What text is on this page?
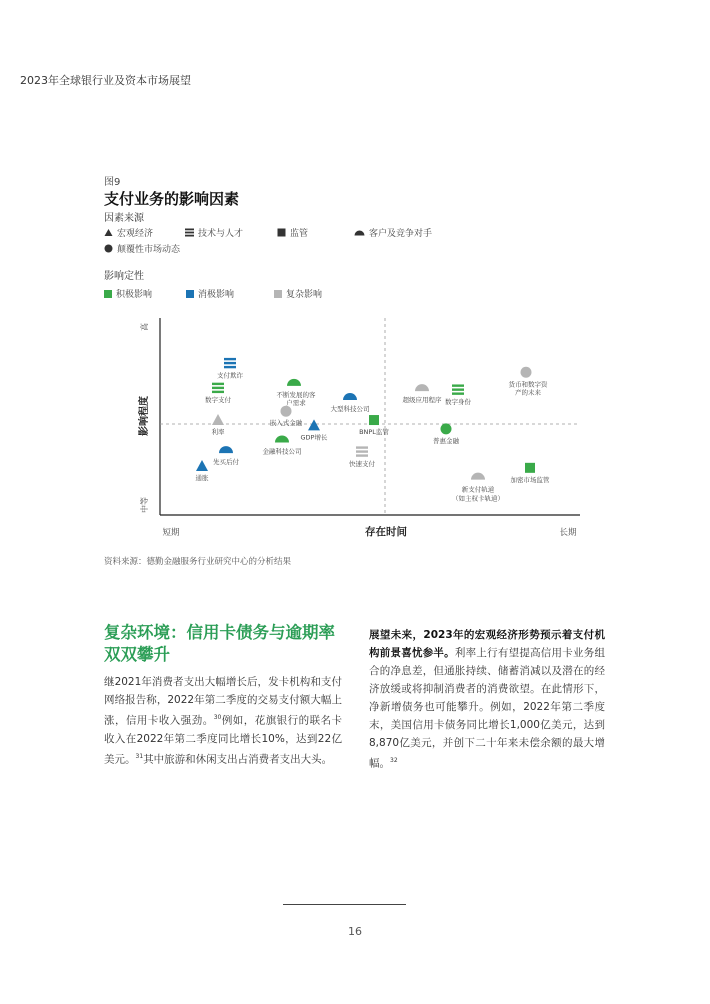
2023年全球银行业及资本市场展望
图9
支付业务的影响因素
因素来源
宏观经济	技术与人才	监管	客户及竞争对手
颠覆性市场动态
影响定性
积极影响	消极影响	复杂影响
存在时间
短期	长期
影响程度
高
中等
支付欺诈
数字支付
利率
先买后付
通胀
不断发展的客
户需求
嵌入式金融
金融科技公司
GDP增长
大型科技公司
BNPL监管
快速支付
超级应用程序 数字身份
普惠金融
货币和数字资
产的未来
新支付轨道
（如主权卡轨道）
加密市场监管
资料来源：德勤金融服务行业研究中心的分析结果
复杂环境：信用卡债务与逾期率双双攀升
继2021年消费者支出大幅增长后，发卡机构和支付网络报告称，2022年第二季度的交易支付额大幅上涨，信用卡收入强劲。$^{30}$例如，花旗银行的联名卡收入在2022年第二季度同比增长10%，达到22亿美元。$^{31}$其中旅游和休闲支出占消费者支出大头。
展望未来，2023年的宏观经济形势预示着支付机构前景喜忧参半。利率上行有望提高信用卡业务组合的净息差，但通胀持续、储蓄消减以及潜在的经济放缓或将抑制消费者的消费欲望。在此情形下，净新增债务也可能攀升。例如，2022年第二季度末，美国信用卡债务同比增长1,000亿美元，达到8,870亿美元，并创下二十年来未偿余额的最大增幅。$^{32}$
16
